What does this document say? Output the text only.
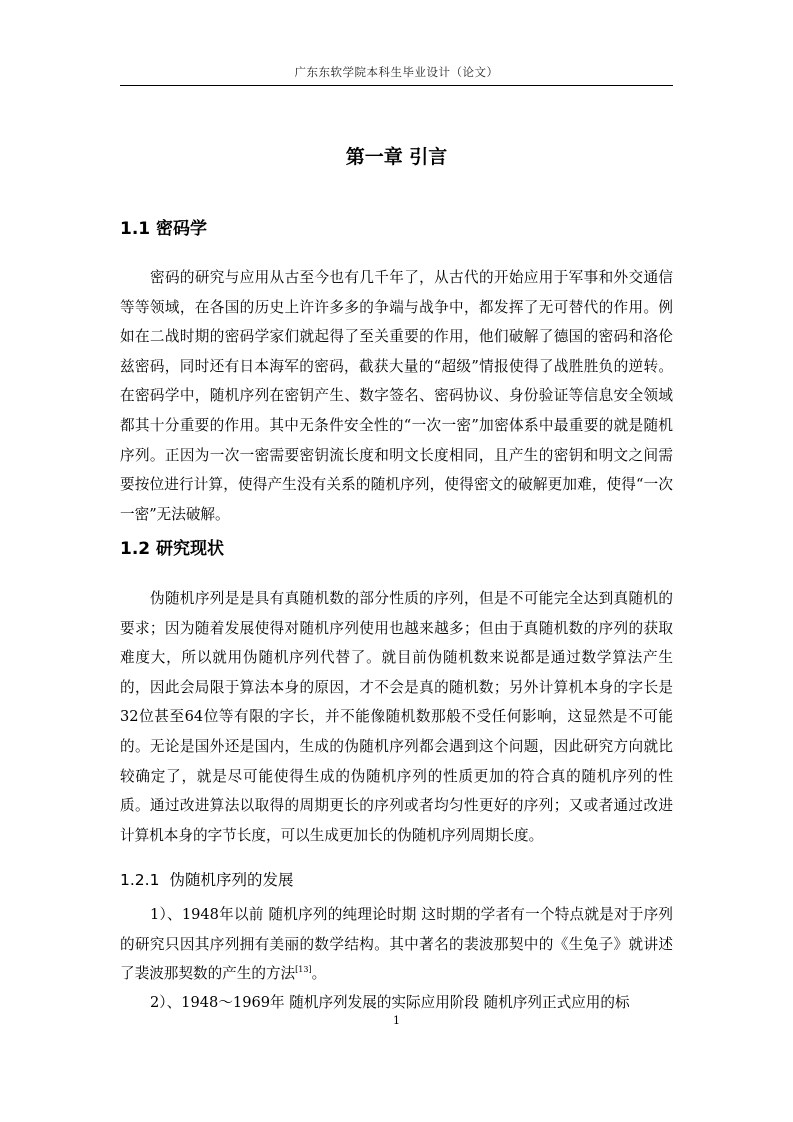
广东东软学院本科生毕业设计（论文）
第一章 引言
1.1 密码学
密码的研究与应用从古至今也有几千年了，从古代的开始应用于军事和外交通信等等领域，在各国的历史上许许多多的争端与战争中，都发挥了无可替代的作用。例如在二战时期的密码学家们就起得了至关重要的作用，他们破解了德国的密码和洛伦兹密码，同时还有日本海军的密码，截获大量的“超级”情报使得了战胜胜负的逆转。在密码学中，随机序列在密钥产生、数字签名、密码协议、身份验证等信息安全领域都其十分重要的作用。其中无条件安全性的“一次一密”加密体系中最重要的就是随机序列。正因为一次一密需要密钥流长度和明文长度相同，且产生的密钥和明文之间需要按位进行计算，使得产生没有关系的随机序列，使得密文的破解更加难，使得“一次一密”无法破解。
1.2 研究现状
伪随机序列是是具有真随机数的部分性质的序列，但是不可能完全达到真随机的要求；因为随着发展使得对随机序列使用也越来越多；但由于真随机数的序列的获取难度大，所以就用伪随机序列代替了。就目前伪随机数来说都是通过数学算法产生的，因此会局限于算法本身的原因，才不会是真的随机数；另外计算机本身的字长是32位甚至64位等有限的字长，并不能像随机数那般不受任何影响，这显然是不可能的。无论是国外还是国内，生成的伪随机序列都会遇到这个问题，因此研究方向就比较确定了，就是尽可能使得生成的伪随机序列的性质更加的符合真的随机序列的性质。通过改进算法以取得的周期更长的序列或者均匀性更好的序列；又或者通过改进计算机本身的字节长度，可以生成更加长的伪随机序列周期长度。
1.2.1 伪随机序列的发展
1）、1948年以前 随机序列的纯理论时期 这时期的学者有一个特点就是对于序列的研究只因其序列拥有美丽的数学结构。其中著名的裴波那契中的《生兔子》就讲述了裴波那契数的产生的方法[13]。
2）、1948～1969年 随机序列发展的实际应用阶段 随机序列正式应用的标
1
